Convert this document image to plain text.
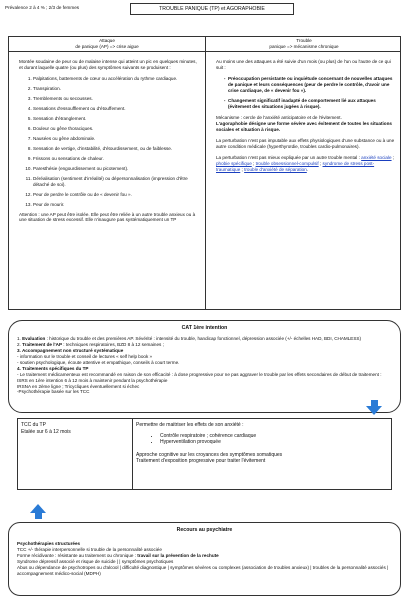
Prévalence 2 à 4 % ; 2/3 de femmes	TROUBLE PANIQUE (TP) et AGORAPHOBIE
Attaque
de panique (AP) => crise aigue
Trouble
panique => mécanisme chronique

Montée soudaine de peur ou de malaise intense qui atteint un pic en quelques minutes, et durant laquelle quatre (ou plus) des symptômes suivants se produisent :

1. Palpitations, battements de cœur ou accélération du rythme cardiaque.
2. Transpiration.
3. Tremblements ou secousses.
4. Sensations d'essoufflement ou d'étouffement.
5. Sensation d'étranglement.
6. Douleur ou gêne thoraciques.
7. Nausées ou gêne abdominale.
8. Sensation de vertige, d'instabilité, d'étourdissement, ou de faiblesse.
9. Frissons ou sensations de chaleur.
10. Paresthésie (engourdissement ou picotement).
11. Déréalisation (sentiment d'irréalité) ou dépersonnalisation (impression d'être détaché de soi).
12. Peur de perdre le contrôle ou de « devenir fou ».
13. Peur de mourir.

Attention : une AP peut être isolée. Elle peut être reliée à un autre trouble anxieux ou à une situation de stress excessif. Elle n'inaugure pas systématiquement un TP

Au moins une des attaques a été suivie d'un mois (ou plus) de l'un ou l'autre de ce qui suit :

- Préoccupation persistante ou inquiétude concernant de nouvelles attaques de panique et leurs conséquences (peur de perdre le contrôle, d'avoir une crise cardiaque, de « devenir fou »).
- Changement significatif inadapté de comportement lié aux attaques (évitement des situations jugées à risque).

Mécanisme : cercle de l'anxiété anticipatoire et de l'évitement.

L'agoraphobie désigne une forme sévère avec évitement de toutes les situations sociales et situation à risque.

La perturbation n'est pas imputable aux effets physiologiques d'une substance ou à une autre condition médicale (hyperthyroïdie, troubles cardio-pulmonaires).

La perturbation n'est pas mieux expliquée par un autre trouble mental : anxiété sociale ; phobie spécifique ; trouble obsessionnel-compulsif ; syndrome de stress post-traumatique ; trouble d'anxiété de séparation.

CAT 1ère intention

1. Evaluation : historique du trouble et des premières AP. Sévérité : intensité du trouble, handicap fonctionnel, dépression associée (+/- échelles HAD, BDI, CHAMLESS)

2. Traitement de l'AP : techniques respiratoires, BZD 8 à 12 semaines ;

3. Accompagnement non structuré systématique

- information sur le trouble et conseil de lectures « self help book »

- soutien psychologique, écoute attentive et empathique, conseils à court terme.

4. Traitements spécifiques du TP

- Le traitement médicamenteux est recommandé en raison de son efficacité : à dose progressive pour ne pas aggraver le trouble par les effets secondaires de début de traitement :

ISRS en 1ère intention 6 à 12 mois à maintenir pendant la psychothérapie

IRSNA en 2ème ligne ; Tricycliques éventuellement si échec

-Psychothérapie basée sur les TCC

TCC du TP
Etalée sur 6 à 12 mois

Permettre de maitriser les effets de son anxiété :

• Contrôle respiratoire ; cohérence cardiaque
• Hyperventilation provoquée

Approche cognitive sur les croyances des symptômes somatiques

Traitement d'exposition progressive pour traiter l'évitement

Recours au psychiatre

Psychothérapies structurées

TCC +/- thérapie interpersonnelle si trouble de la personnalité associée

Forme récidivante : résistante au traitement ou chronique : travail sur la prévention de la rechute

Syndrome dépressif associé et risque de suicide | | symptômes psychotiques

Abus ou dépendance de psychotropes ou d'alcool | difficulté diagnostique | symptômes sévères ou complexes (association de troubles anxieux) | troubles de la personnalité associés | accompagnement médico-social (MDPH)
